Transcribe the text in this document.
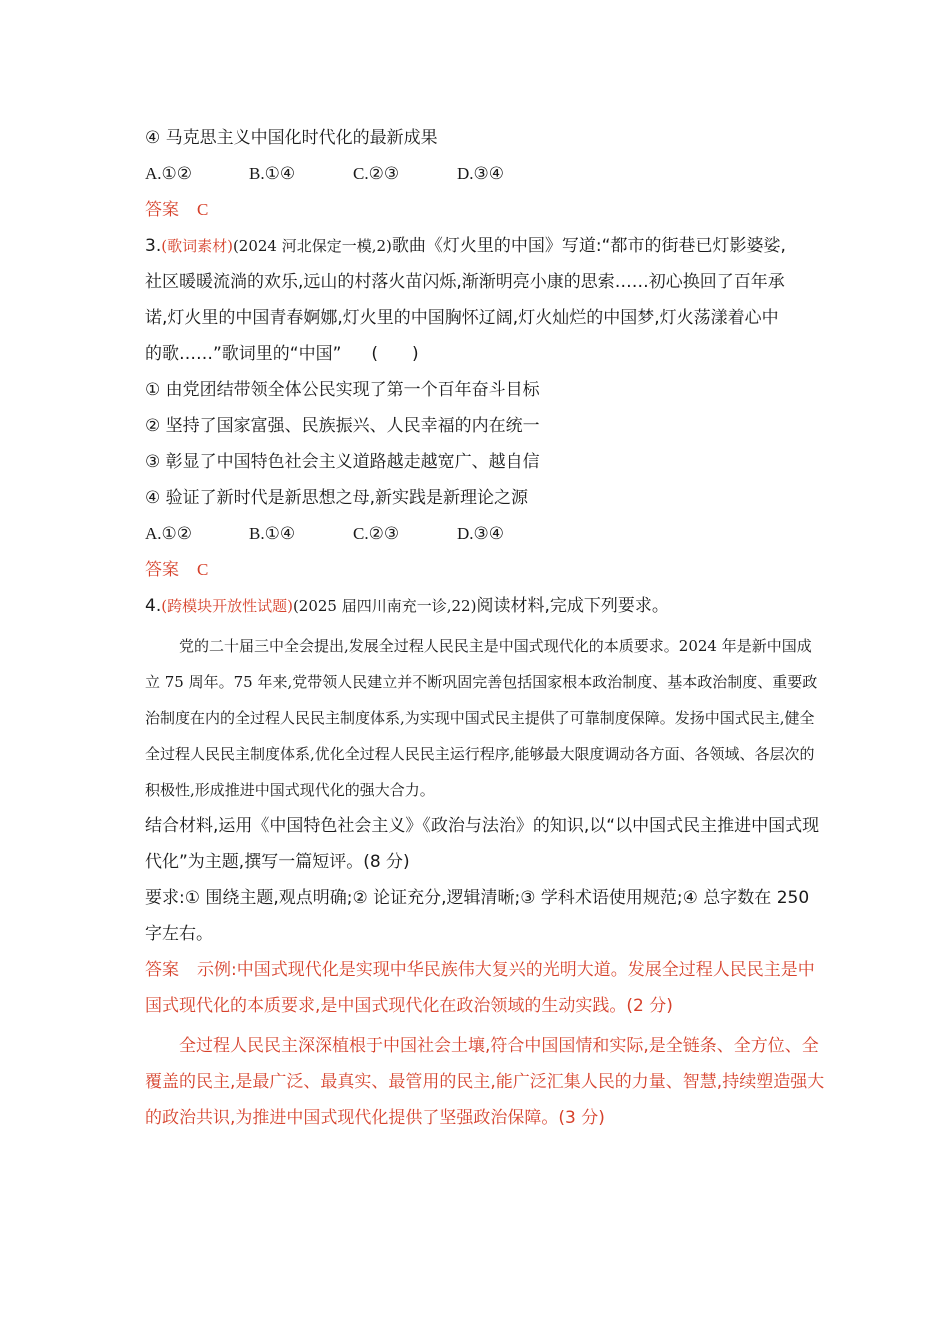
④ 马克思主义中国化时代化的最新成果
A.①②	B.①④	C.②③	D.③④
答案 C
3.(歌词素材)(2024 河北保定一模,2)歌曲《灯火里的中国》写道:“都市的街巷已灯影婆娑,
社区暖暖流淌的欢乐,远山的村落火苗闪烁,渐渐明亮小康的思索……初心换回了百年承
诺,灯火里的中国青春婀娜,灯火里的中国胸怀辽阔,灯火灿烂的中国梦,灯火荡漾着心中
的歌……”歌词里的“中国” (　　)
① 由党团结带领全体公民实现了第一个百年奋斗目标
② 坚持了国家富强、民族振兴、人民幸福的内在统一
③ 彰显了中国特色社会主义道路越走越宽广、越自信
④ 验证了新时代是新思想之母,新实践是新理论之源
A.①②	B.①④	C.②③	D.③④
答案 C
4.(跨模块开放性试题)(2025 届四川南充一诊,22)阅读材料,完成下列要求。

党的二十届三中全会提出,发展全过程人民民主是中国式现代化的本质要求。2024 年是新中国成立 75 周年。75 年来,党带领人民建立并不断巩固完善包括国家根本政治制度、基本政治制度、重要政治制度在内的全过程人民民主制度体系,为实现中国式民主提供了可靠制度保障。发扬中国式民主,健全全过程人民民主制度体系,优化全过程人民民主运行程序,能够最大限度调动各方面、各领域、各层次的积极性,形成推进中国式现代化的强大合力。

结合材料,运用《中国特色社会主义》《政治与法治》的知识,以“以中国式民主推进中国式现代化”为主题,撰写一篇短评。(8 分)
要求:① 围绕主题,观点明确;② 论证充分,逻辑清晰;③ 学科术语使用规范;④ 总字数在 250 字左右。
答案 示例:中国式现代化是实现中华民族伟大复兴的光明大道。发展全过程人民民主是中国式现代化的本质要求,是中国式现代化在政治领域的生动实践。(2 分)
全过程人民民主深深植根于中国社会土壤,符合中国国情和实际,是全链条、全方位、全覆盖的民主,是最广泛、最真实、最管用的民主,能广泛汇集人民的力量、智慧,持续塑造强大的政治共识,为推进中国式现代化提供了坚强政治保障。(3 分)
